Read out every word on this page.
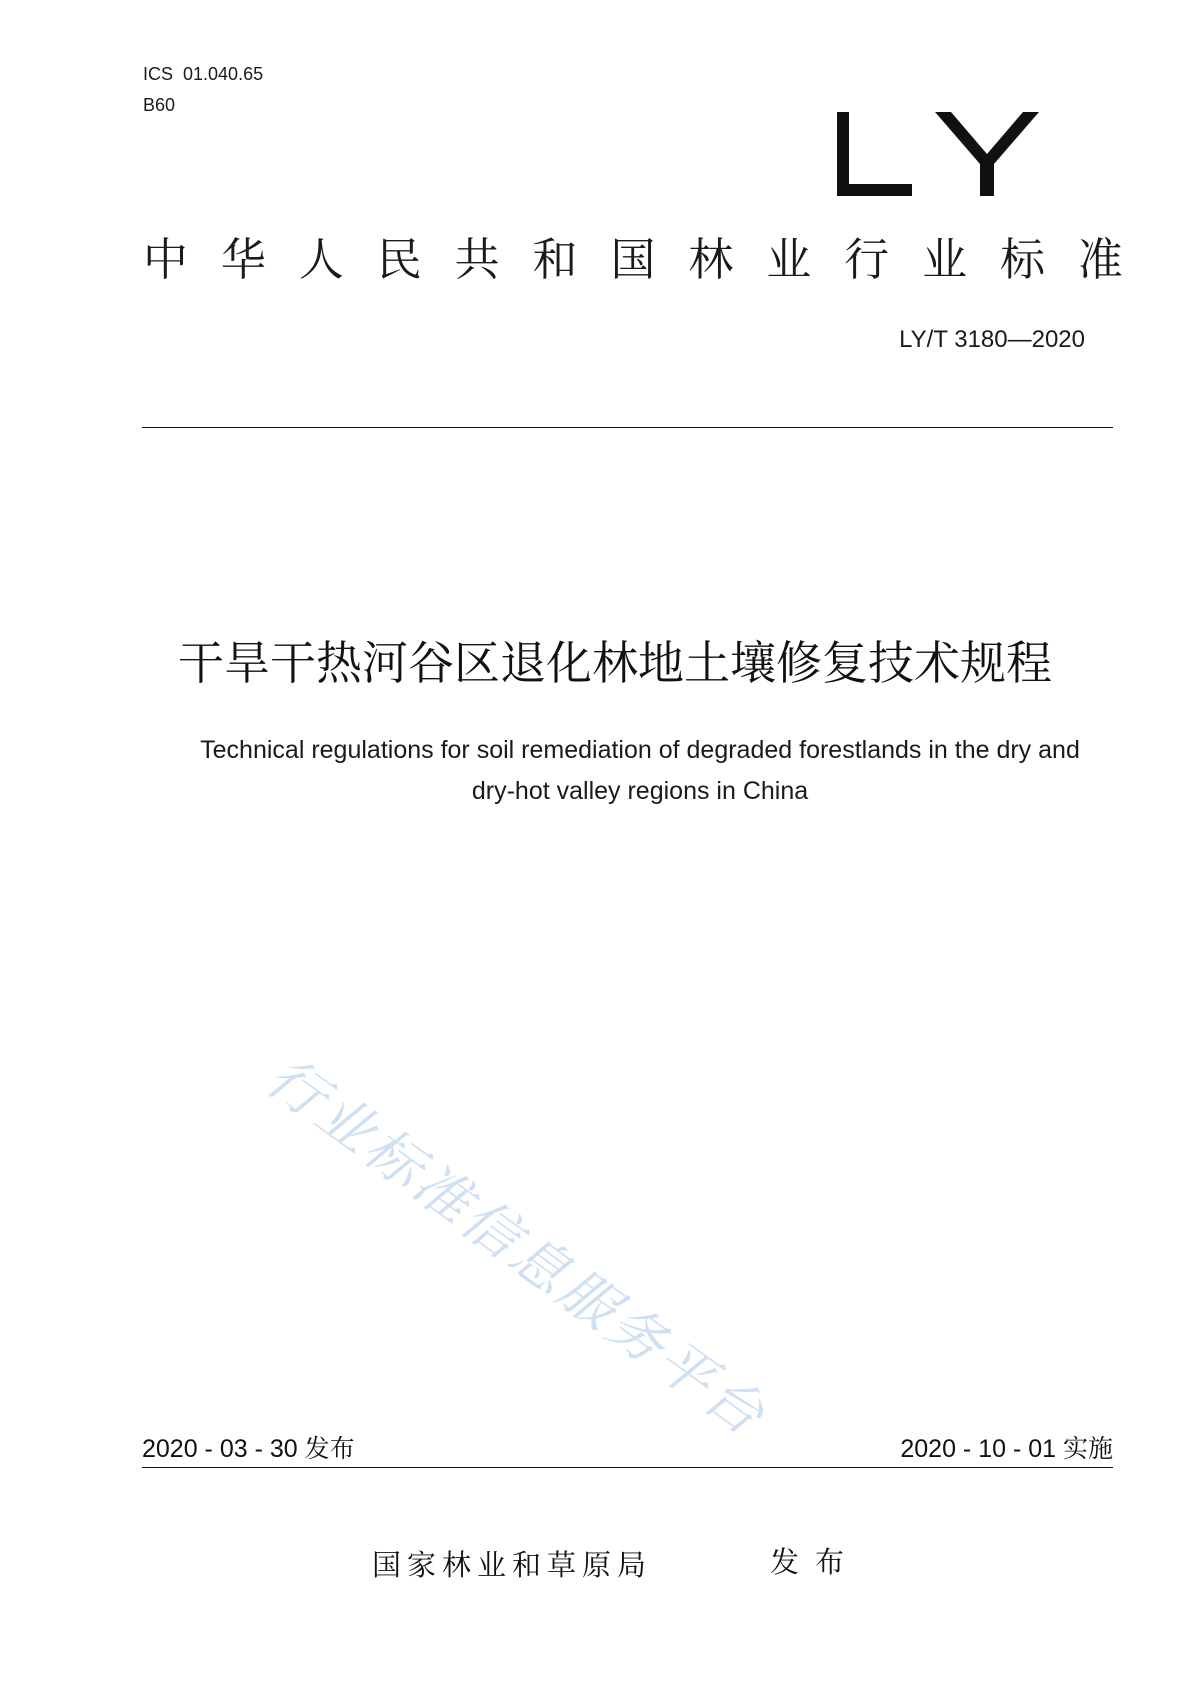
ICS  01.040.65
B60
中 华 人 民 共 和 国 林 业 行 业 标 准
LY/T 3180—2020
干旱干热河谷区退化林地土壤修复技术规程
Technical regulations for soil remediation of degraded forestlands in the dry and
dry-hot valley regions in China
行业标准信息服务平台
2020 - 03 - 30 发布	2020 - 10 - 01 实施
国家林业和草原局	发布
